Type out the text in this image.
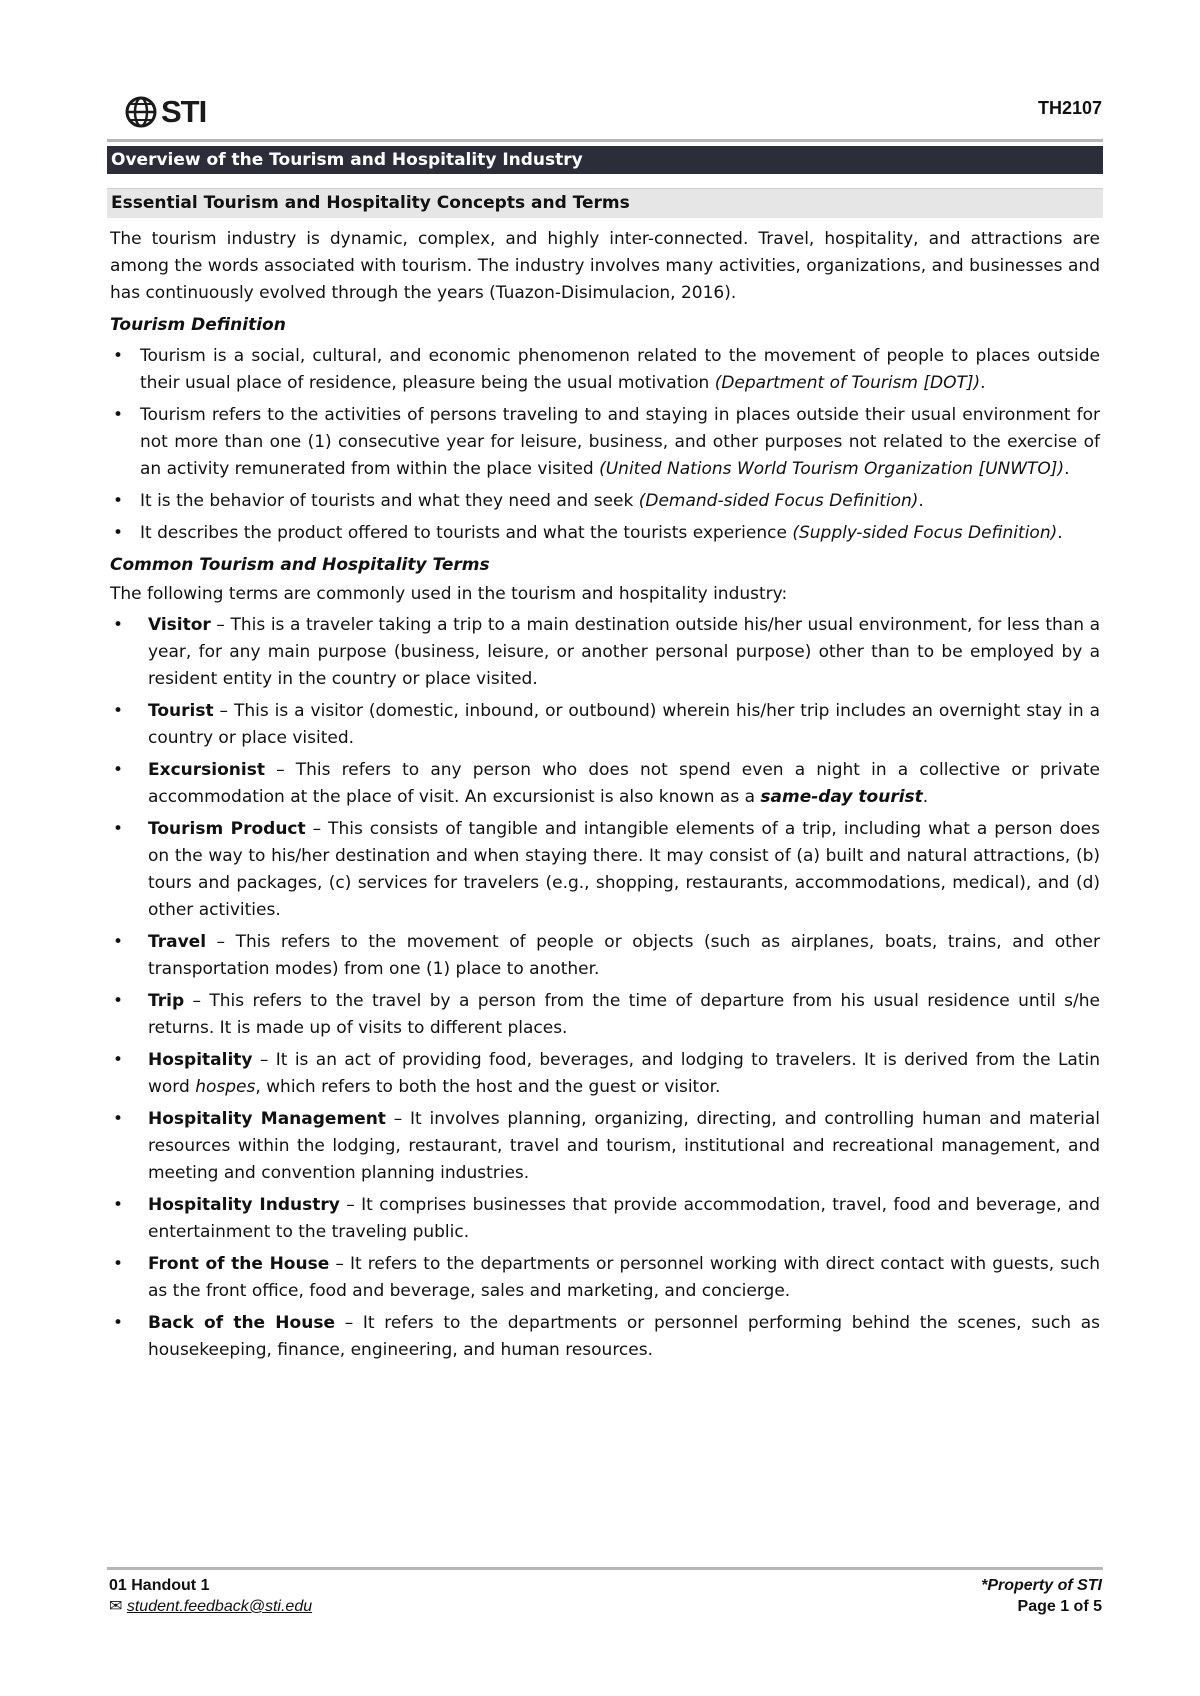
STI	TH2107
Overview of the Tourism and Hospitality Industry
Essential Tourism and Hospitality Concepts and Terms

The tourism industry is dynamic, complex, and highly inter-connected. Travel, hospitality, and attractions are among the words associated with tourism. The industry involves many activities, organizations, and businesses and has continuously evolved through the years (Tuazon-Disimulacion, 2016).

Tourism Definition
• Tourism is a social, cultural, and economic phenomenon related to the movement of people to places outside their usual place of residence, pleasure being the usual motivation (Department of Tourism [DOT]).
• Tourism refers to the activities of persons traveling to and staying in places outside their usual environment for not more than one (1) consecutive year for leisure, business, and other purposes not related to the exercise of an activity remunerated from within the place visited (United Nations World Tourism Organization [UNWTO]).
• It is the behavior of tourists and what they need and seek (Demand-sided Focus Definition).
• It describes the product offered to tourists and what the tourists experience (Supply-sided Focus Definition).
Common Tourism and Hospitality Terms

The following terms are commonly used in the tourism and hospitality industry:

• Visitor – This is a traveler taking a trip to a main destination outside his/her usual environment, for less than a year, for any main purpose (business, leisure, or another personal purpose) other than to be employed by a resident entity in the country or place visited.
• Tourist – This is a visitor (domestic, inbound, or outbound) wherein his/her trip includes an overnight stay in a country or place visited.
• Excursionist – This refers to any person who does not spend even a night in a collective or private accommodation at the place of visit. An excursionist is also known as a same-day tourist.
• Tourism Product – This consists of tangible and intangible elements of a trip, including what a person does on the way to his/her destination and when staying there. It may consist of (a) built and natural attractions, (b) tours and packages, (c) services for travelers (e.g., shopping, restaurants, accommodations, medical), and (d) other activities.
• Travel – This refers to the movement of people or objects (such as airplanes, boats, trains, and other transportation modes) from one (1) place to another.
• Trip – This refers to the travel by a person from the time of departure from his usual residence until s/he returns. It is made up of visits to different places.
• Hospitality – It is an act of providing food, beverages, and lodging to travelers. It is derived from the Latin word hospes, which refers to both the host and the guest or visitor.
• Hospitality Management – It involves planning, organizing, directing, and controlling human and material resources within the lodging, restaurant, travel and tourism, institutional and recreational management, and meeting and convention planning industries.
• Hospitality Industry – It comprises businesses that provide accommodation, travel, food and beverage, and entertainment to the traveling public.
• Front of the House – It refers to the departments or personnel working with direct contact with guests, such as the front office, food and beverage, sales and marketing, and concierge.
• Back of the House – It refers to the departments or personnel performing behind the scenes, such as housekeeping, finance, engineering, and human resources.
01 Handout 1
✉ student.feedback@sti.edu
*Property of STI
Page 1 of 5
